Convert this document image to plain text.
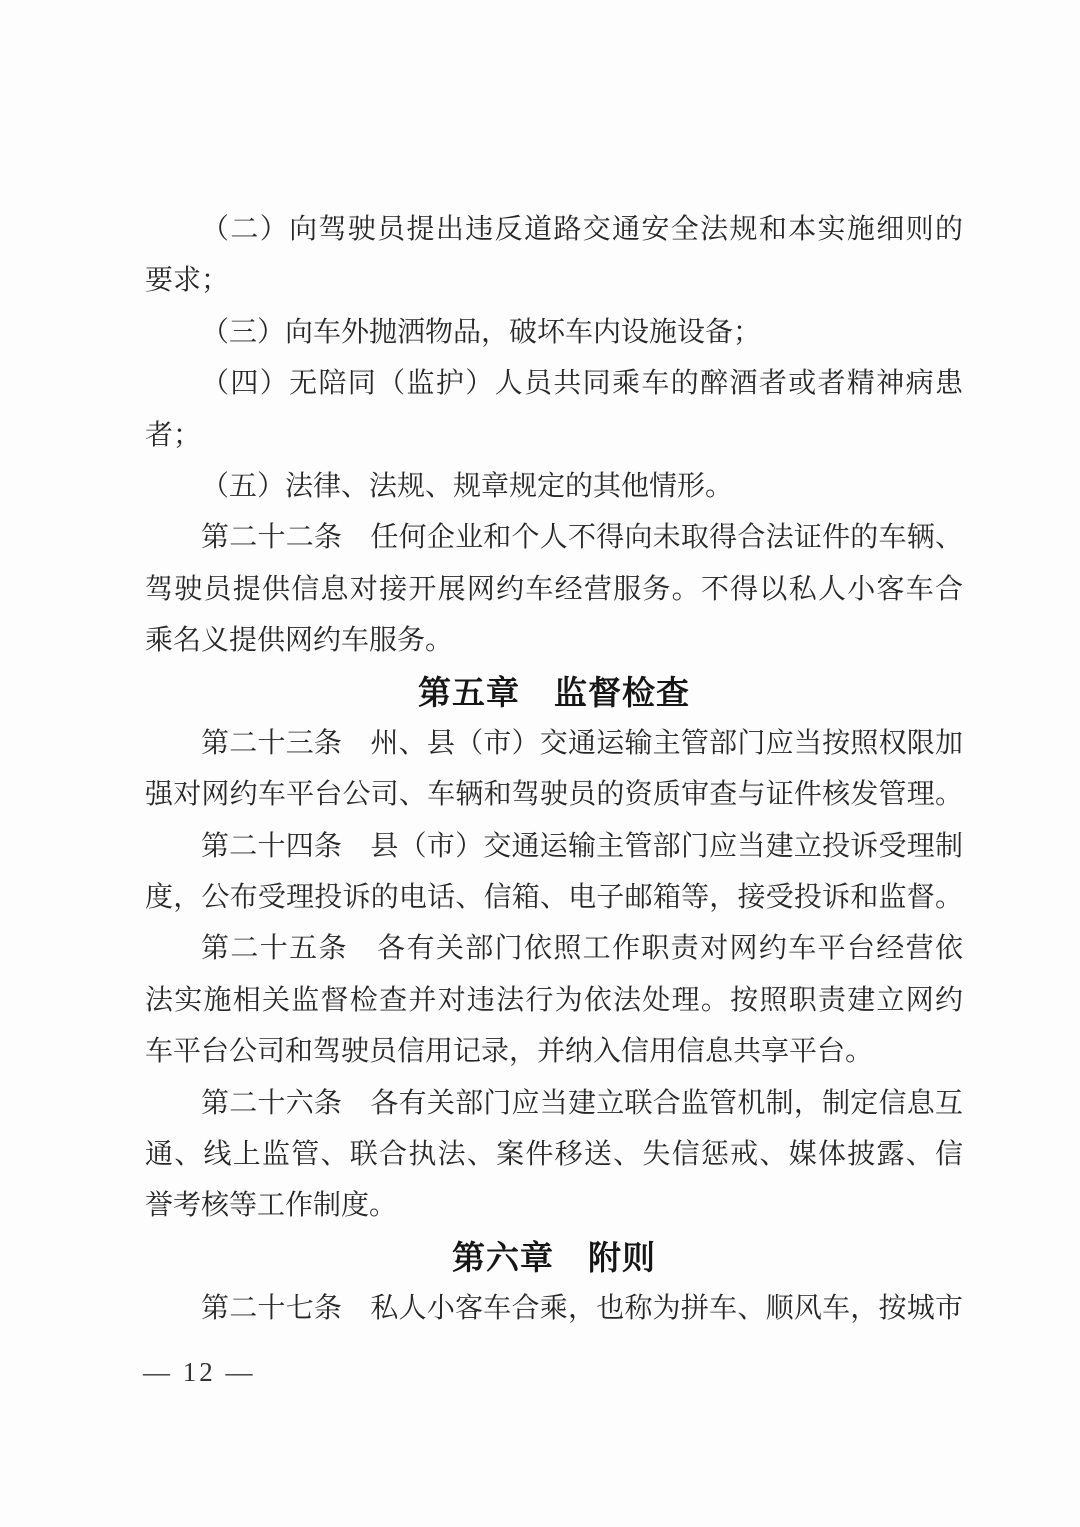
（二）向驾驶员提出违反道路交通安全法规和本实施细则的
要求；
（三）向车外抛洒物品，破坏车内设施设备；
（四）无陪同（监护）人员共同乘车的醉酒者或者精神病患
者；
（五）法律、法规、规章规定的其他情形。
第二十二条　任何企业和个人不得向未取得合法证件的车辆、
驾驶员提供信息对接开展网约车经营服务。不得以私人小客车合
乘名义提供网约车服务。
第五章　监督检查
第二十三条　州、县（市）交通运输主管部门应当按照权限加
强对网约车平台公司、车辆和驾驶员的资质审查与证件核发管理。
第二十四条　县（市）交通运输主管部门应当建立投诉受理制
度，公布受理投诉的电话、信箱、电子邮箱等，接受投诉和监督。
第二十五条　各有关部门依照工作职责对网约车平台经营依
法实施相关监督检查并对违法行为依法处理。按照职责建立网约
车平台公司和驾驶员信用记录，并纳入信用信息共享平台。
第二十六条　各有关部门应当建立联合监管机制，制定信息互
通、线上监管、联合执法、案件移送、失信惩戒、媒体披露、信
誉考核等工作制度。
第六章　附则
第二十七条　私人小客车合乘，也称为拼车、顺风车，按城市
— 12 —
